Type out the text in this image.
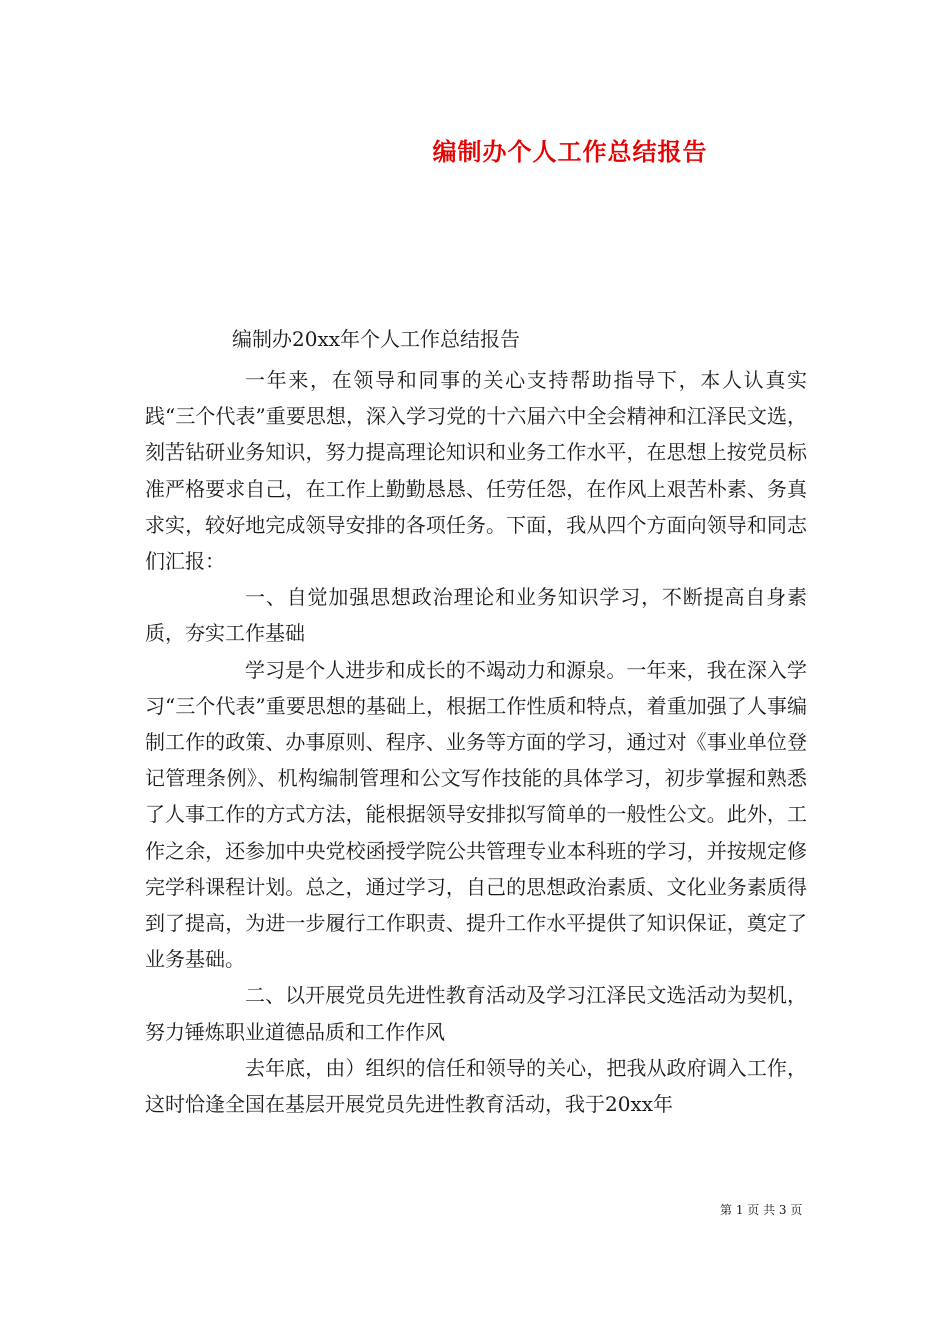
编制办个人工作总结报告
编制办20xx年个人工作总结报告

一年来，在领导和同事的关心支持帮助指导下，本人认真实践“三个代表”重要思想，深入学习党的十六届六中全会精神和江泽民文选，刻苦钻研业务知识，努力提高理论知识和业务工作水平，在思想上按党员标准严格要求自己，在工作上勤勤恳恳、任劳任怨，在作风上艰苦朴素、务真求实，较好地完成领导安排的各项任务。下面，我从四个方面向领导和同志们汇报：

一、自觉加强思想政治理论和业务知识学习，不断提高自身素质，夯实工作基础

学习是个人进步和成长的不竭动力和源泉。一年来，我在深入学习“三个代表”重要思想的基础上，根据工作性质和特点，着重加强了人事编制工作的政策、办事原则、程序、业务等方面的学习，通过对《事业单位登记管理条例》、机构编制管理和公文写作技能的具体学习，初步掌握和熟悉了人事工作的方式方法，能根据领导安排拟写简单的一般性公文。此外，工作之余，还参加中央党校函授学院公共管理专业本科班的学习，并按规定修完学科课程计划。总之，通过学习，自己的思想政治素质、文化业务素质得到了提高，为进一步履行工作职责、提升工作水平提供了知识保证，奠定了业务基础。

二、以开展党员先进性教育活动及学习江泽民文选活动为契机，努力锤炼职业道德品质和工作作风

去年底，由）组织的信任和领导的关心，把我从政府调入工作，这时恰逢全国在基层开展党员先进性教育活动，我于20xx年

第 1 页 共 3 页
